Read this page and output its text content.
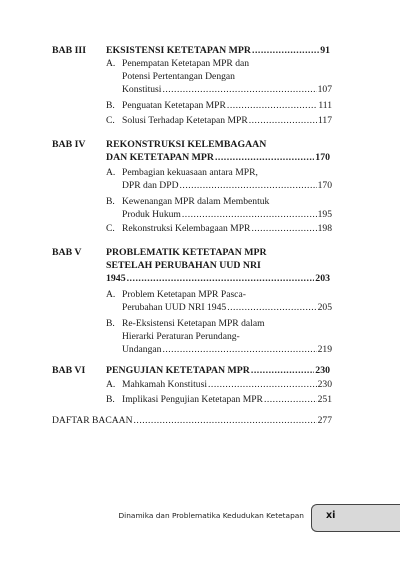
BAB III EKSISTENSI KETETAPAN MPR .....	91
A. Penempatan Ketetapan MPR dan
Potensi Pertentangan Dengan
Konstitusi .....	107
B. Penguatan Ketetapan MPR .....	111
C. Solusi Terhadap Ketetapan MPR .....	117
BAB IV REKONSTRUKSI KELEMBAGAAN
DAN KETETAPAN MPR .....	170
A. Pembagian kekuasaan antara MPR,
DPR dan DPD .....	170
B. Kewenangan MPR dalam Membentuk
Produk Hukum .....	195
C. Rekonstruksi Kelembagaan MPR .....	198
BAB V	PROBLEMATIK KETETAPAN MPR
SETELAH PERUBAHAN UUD NRI
1945 .....	203
A. Problem Ketetapan MPR Pasca-
Perubahan UUD NRI 1945 .....	205
B. Re-Eksistensi Ketetapan MPR dalam
Hierarki Peraturan Perundang-
Undangan .....	219
BAB VI PENGUJIAN KETETAPAN MPR .....	230
A. Mahkamah Konstitusi .....	230
B. Implikasi Pengujian Ketetapan MPR .....	251
DAFTAR BACAAN .....	277
Dinamika dan Problematika Kedudukan Ketetapan xi
